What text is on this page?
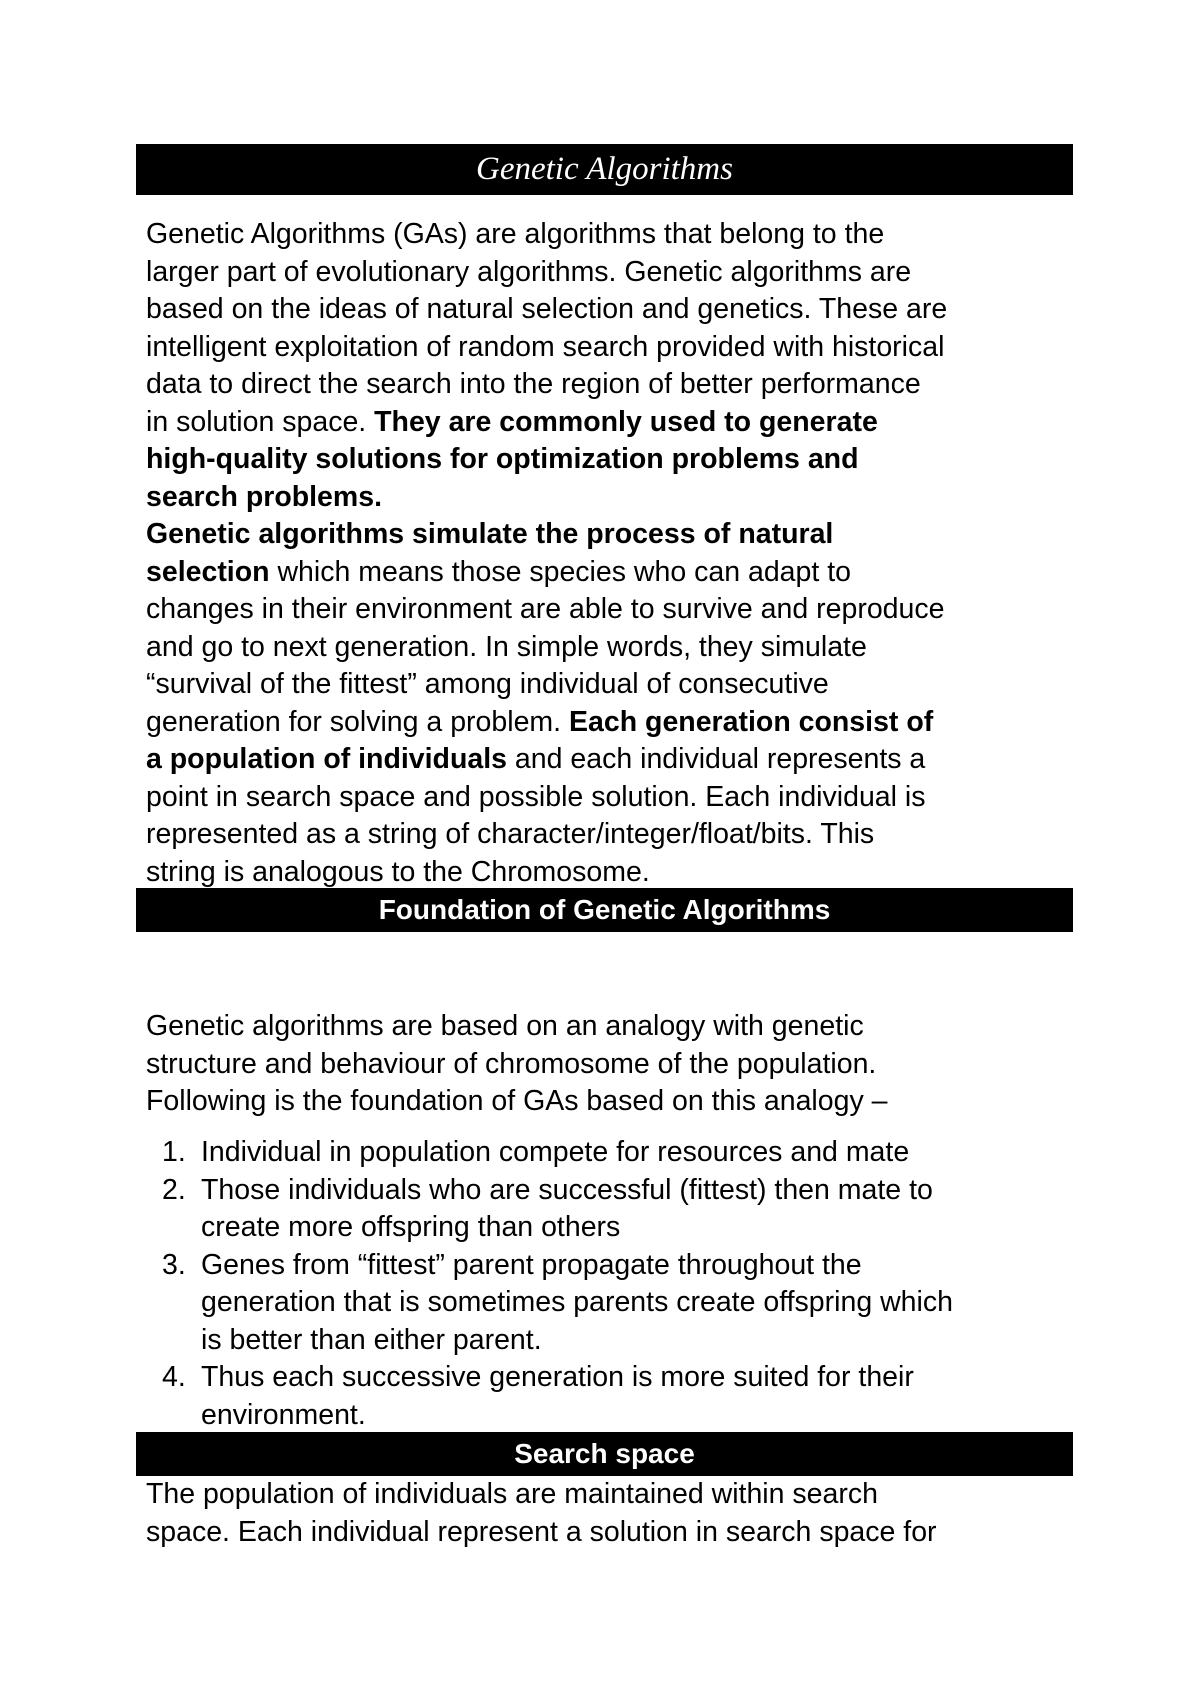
Genetic Algorithms
Genetic Algorithms (GAs) are algorithms that belong to the
larger part of evolutionary algorithms. Genetic algorithms are
based on the ideas of natural selection and genetics. These are
intelligent exploitation of random search provided with historical
data to direct the search into the region of better performance
in solution space. They are commonly used to generate
high-quality solutions for optimization problems and
search problems.
Genetic algorithms simulate the process of natural
selection which means those species who can adapt to
changes in their environment are able to survive and reproduce
and go to next generation. In simple words, they simulate
“survival of the fittest” among individual of consecutive
generation for solving a problem. Each generation consist of
a population of individuals and each individual represents a
point in search space and possible solution. Each individual is
represented as a string of character/integer/float/bits. This
string is analogous to the Chromosome.
Foundation of Genetic Algorithms
Genetic algorithms are based on an analogy with genetic
structure and behaviour of chromosome of the population.
Following is the foundation of GAs based on this analogy –
1. Individual in population compete for resources and mate
2. Those individuals who are successful (fittest) then mate to
create more offspring than others
3. Genes from “fittest” parent propagate throughout the
generation that is sometimes parents create offspring which
is better than either parent.
4. Thus each successive generation is more suited for their
environment.
Search space
The population of individuals are maintained within search
space. Each individual represent a solution in search space for
